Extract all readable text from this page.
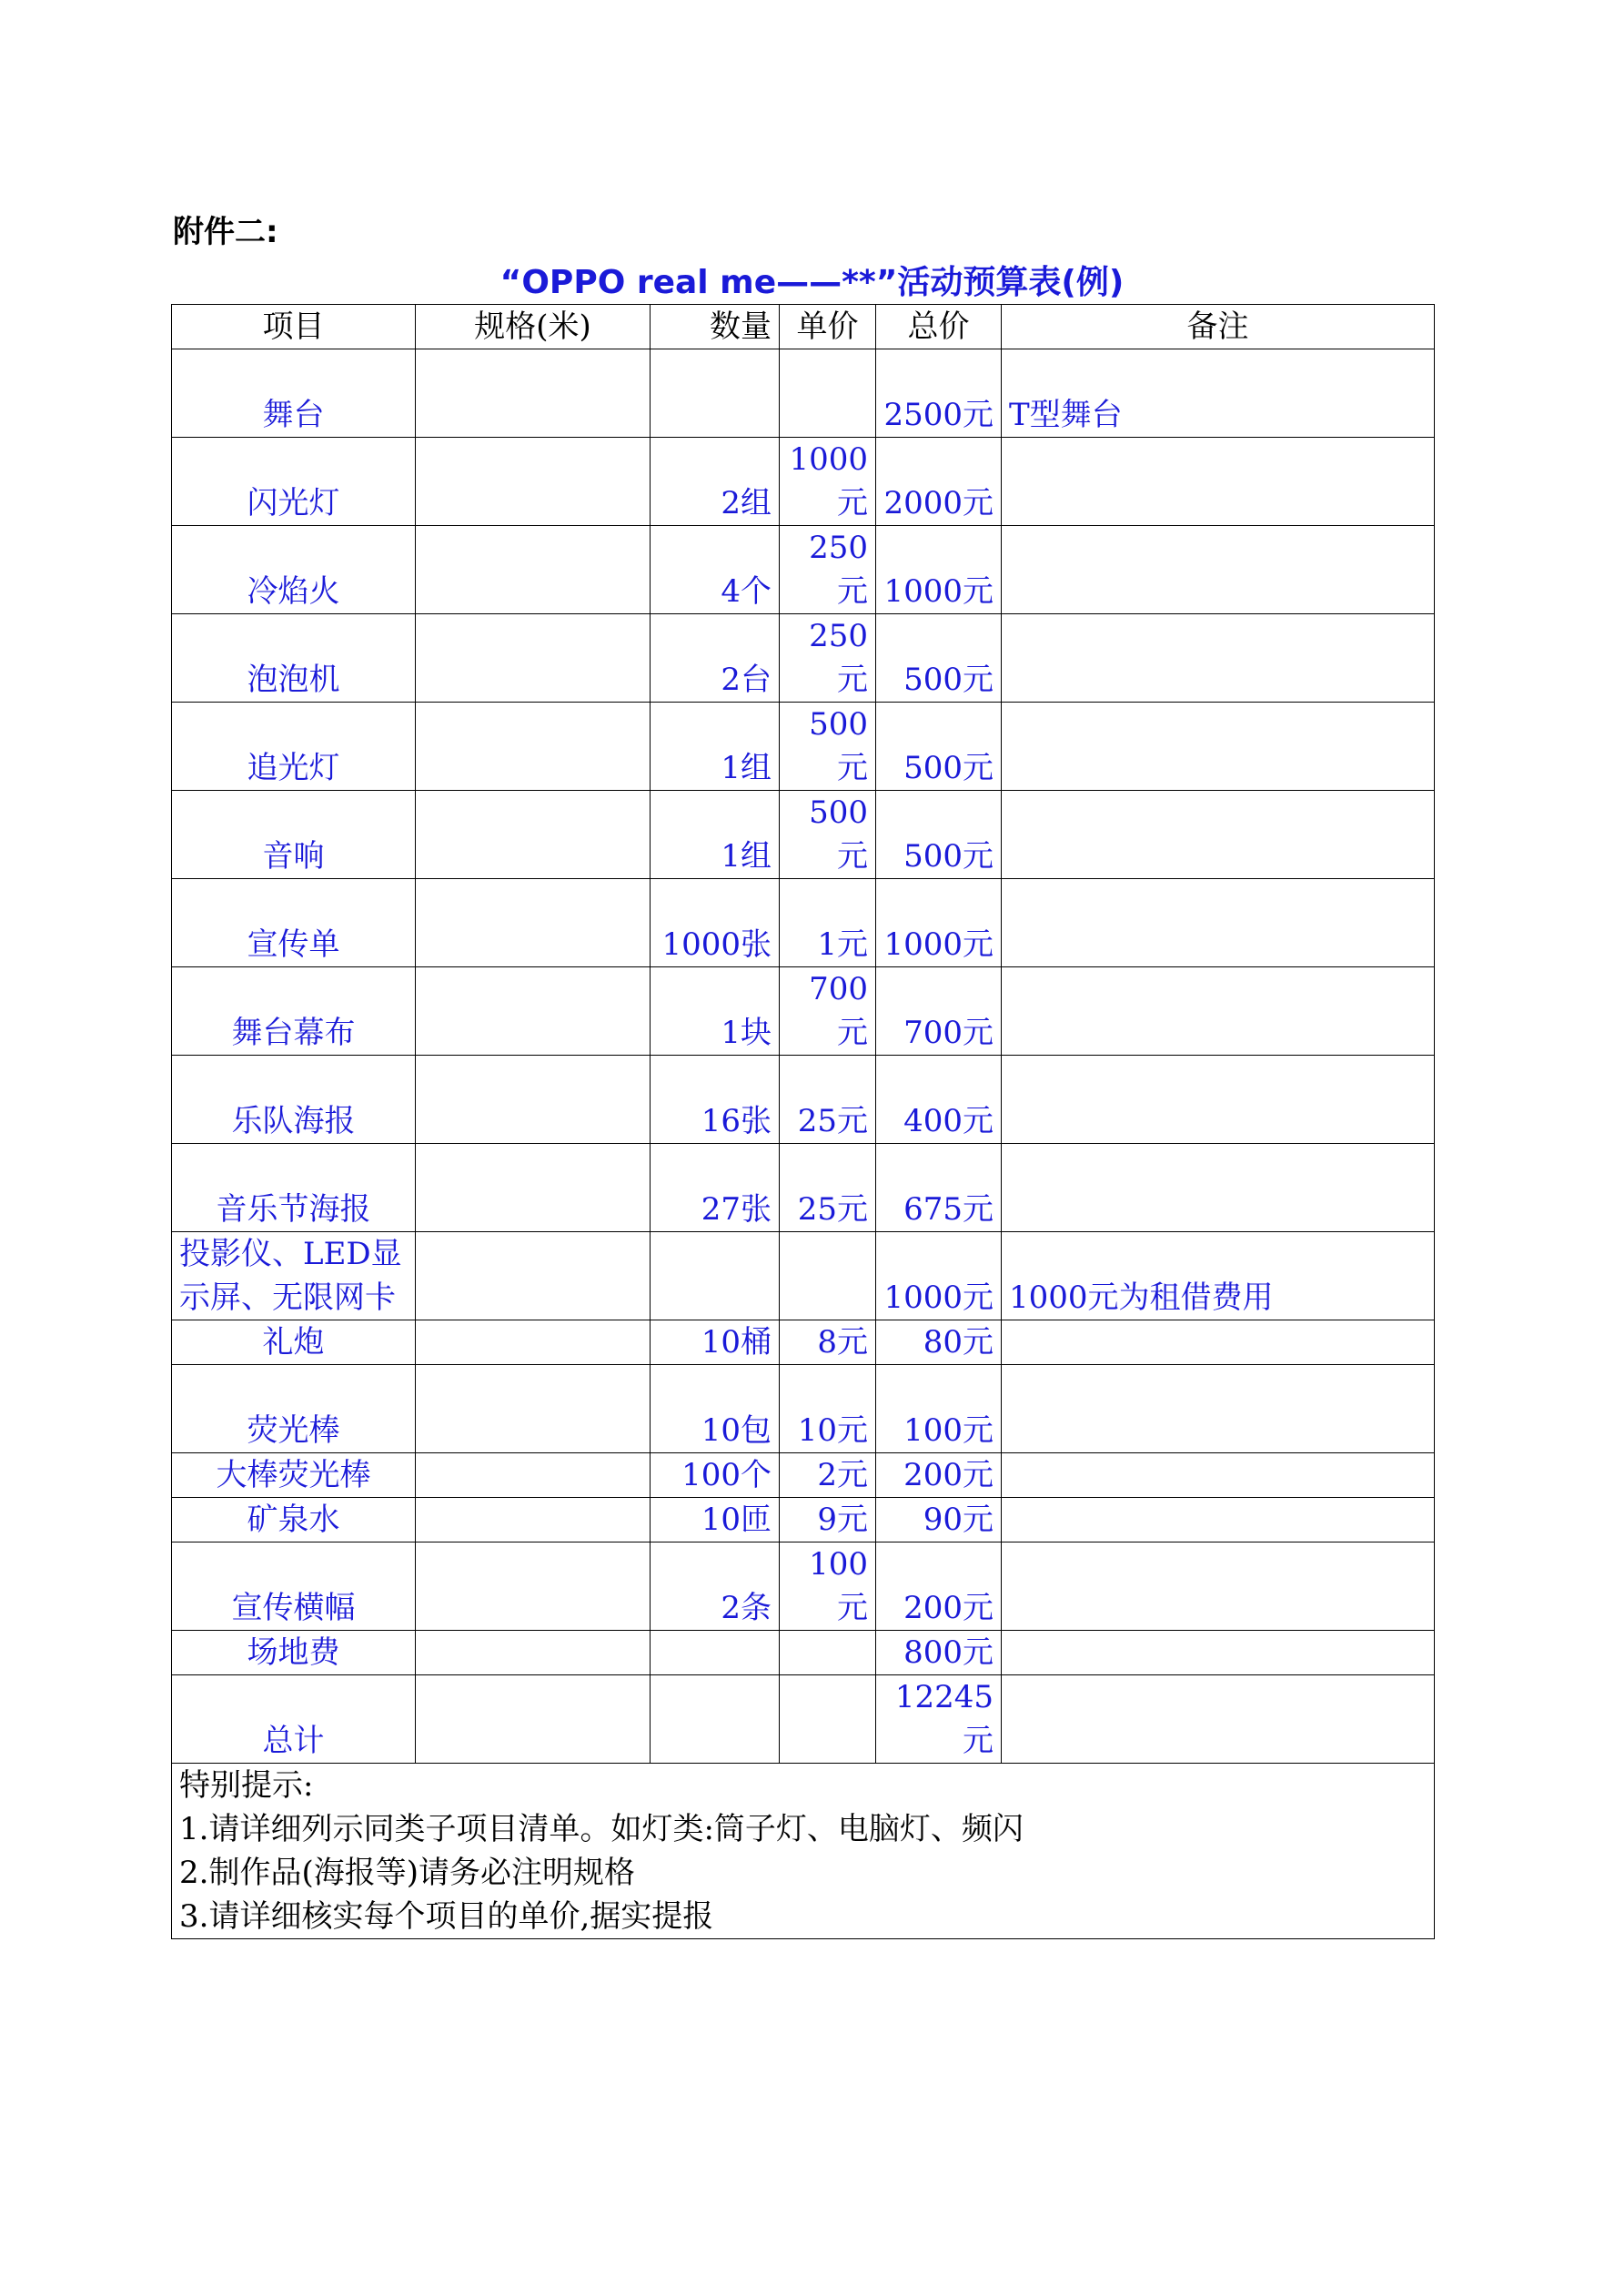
附件二:
“OPPO real me——**”活动预算表(例)
项目	规格(米)	数量	单价	总价	备注
舞台				2500元	T型舞台
闪光灯		2组	1000元	2000元	
冷焰火		4个	250元	1000元	
泡泡机		2台	250元	500元	
追光灯		1组	500元	500元	
音响		1组	500元	500元	
宣传单		1000张	1元	1000元	
舞台幕布		1块	700元	700元	
乐队海报		16张	25元	400元	
音乐节海报		27张	25元	675元	
投影仪、LED显示屏、无限网卡				1000元	1000元为租借费用
礼炮		10桶	8元	80元	
荧光棒		10包	10元	100元	
大棒荧光棒		100个	2元	200元	
矿泉水		10匝	9元	90元	
宣传横幅		2条	100元	200元	
场地费				800元	
总计				12245元	

特别提示:
1.请详细列示同类子项目清单。如灯类:筒子灯、电脑灯、频闪
2.制作品(海报等)请务必注明规格
3.请详细核实每个项目的单价,据实提报					
